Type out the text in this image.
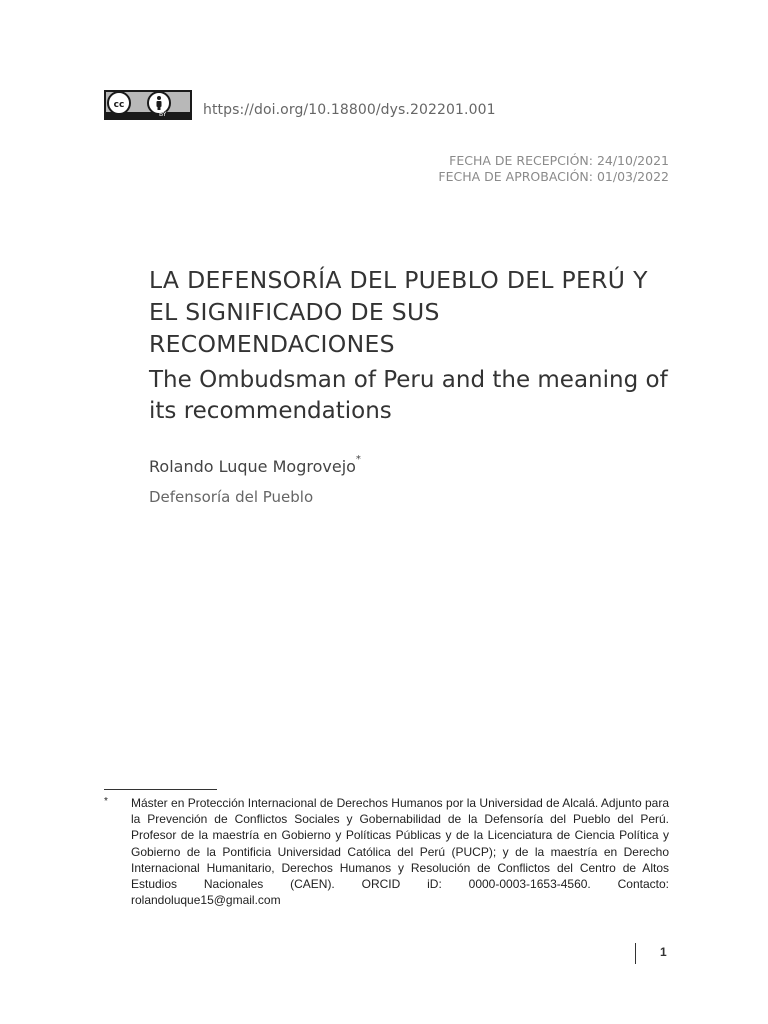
cc
BY	https://doi.org/10.18800/dys.202201.001
FECHA DE RECEPCIÓN: 24/10/2021
FECHA DE APROBACIÓN: 01/03/2022
LA DEFENSORÍA DEL PUEBLO DEL PERÚ Y EL SIGNIFICADO DE SUS RECOMENDACIONES
The Ombudsman of Peru and the meaning of its recommendations
Rolando Luque Mogrovejo*
Defensoría del Pueblo
* Máster en Protección Internacional de Derechos Humanos por la Universidad de Alcalá. Adjunto para la Prevención de Conflictos Sociales y Gobernabilidad de la Defensoría del Pueblo del Perú. Profesor de la maestría en Gobierno y Políticas Públicas y de la Licenciatura de Ciencia Política y Gobierno de la Pontificia Universidad Católica del Perú (PUCP); y de la maestría en Derecho Internacional Humanitario, Derechos Humanos y Resolución de Conflictos del Centro de Altos Estudios Nacionales (CAEN). ORCID iD: 0000-0003-1653-4560. Contacto: rolandoluque15@gmail.com
1
